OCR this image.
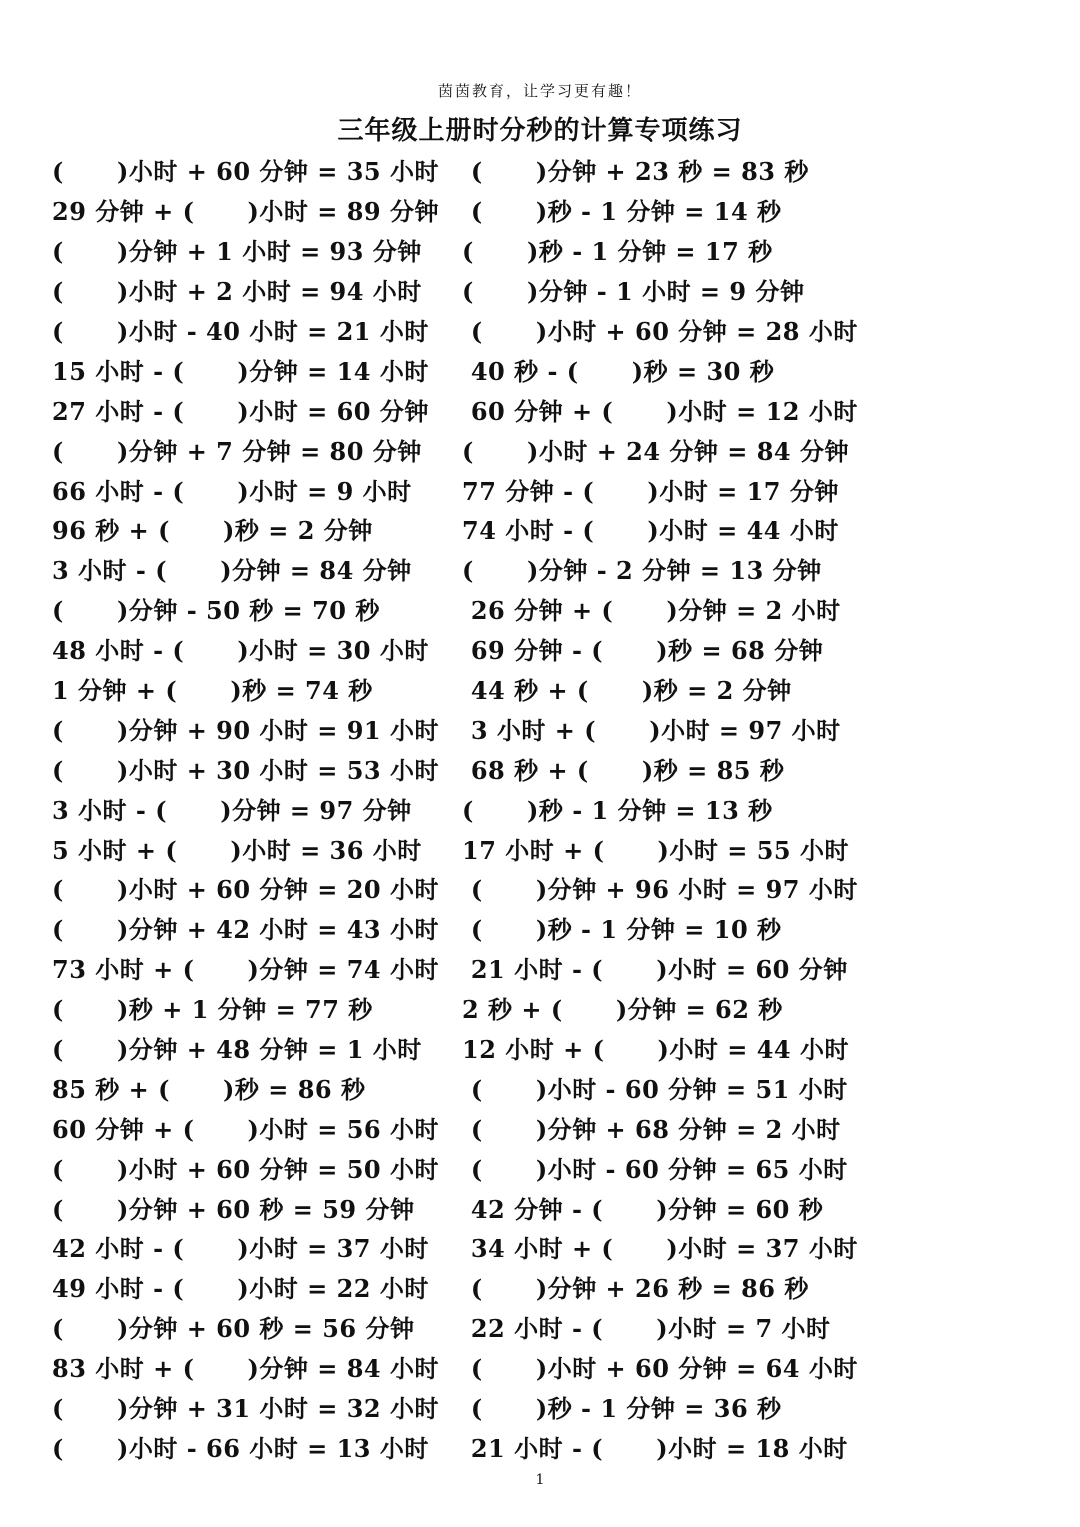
茵茵教育，让学习更有趣！
三年级上册时分秒的计算专项练习
(      )小时 + 60 分钟 = 35 小时 (      )分钟 + 23 秒 = 83 秒
29 分钟 + (      )小时 = 89 分钟 (      )秒 - 1 分钟 = 14 秒
(      )分钟 + 1 小时 = 93 分钟	(      )秒 - 1 分钟 = 17 秒
(      )小时 + 2 小时 = 94 小时	(      )分钟 - 1 小时 = 9 分钟
(      )小时 - 40 小时 = 21 小时	(      )小时 + 60 分钟 = 28 小时
15 小时 - (      )分钟 = 14 小时	40 秒 - (      )秒 = 30 秒
27 小时 - (      )小时 = 60 分钟	60 分钟 + (      )小时 = 12 小时
(      )分钟 + 7 分钟 = 80 分钟	(      )小时 + 24 分钟 = 84 分钟
66 小时 - (      )小时 = 9 小时	77 分钟 - (      )小时 = 17 分钟
96 秒 + (      )秒 = 2 分钟	74 小时 - (      )小时 = 44 小时
3 小时 - (      )分钟 = 84 分钟	(      )分钟 - 2 分钟 = 13 分钟
(      )分钟 - 50 秒 = 70 秒	26 分钟 + (      )分钟 = 2 小时
48 小时 - (      )小时 = 30 小时	69 分钟 - (      )秒 = 68 分钟
1 分钟 + (      )秒 = 74 秒	44 秒 + (      )秒 = 2 分钟
(      )分钟 + 90 小时 = 91 小时 3 小时 + (      )小时 = 97 小时
(      )小时 + 30 小时 = 53 小时 68 秒 + (      )秒 = 85 秒
3 小时 - (      )分钟 = 97 分钟	(      )秒 - 1 分钟 = 13 秒
5 小时 + (      )小时 = 36 小时	17 小时 + (      )小时 = 55 小时
(      )小时 + 60 分钟 = 20 小时 (      )分钟 + 96 小时 = 97 小时
(      )分钟 + 42 小时 = 43 小时 (      )秒 - 1 分钟 = 10 秒
73 小时 + (      )分钟 = 74 小时 21 小时 - (      )小时 = 60 分钟
(      )秒 + 1 分钟 = 77 秒	2 秒 + (      )分钟 = 62 秒
(      )分钟 + 48 分钟 = 1 小时	12 小时 + (      )小时 = 44 小时
85 秒 + (      )秒 = 86 秒	(      )小时 - 60 分钟 = 51 小时
60 分钟 + (      )小时 = 56 小时 (      )分钟 + 68 分钟 = 2 小时
(      )小时 + 60 分钟 = 50 小时 (      )小时 - 60 分钟 = 65 小时
(      )分钟 + 60 秒 = 59 分钟	42 分钟 - (      )分钟 = 60 秒
42 小时 - (      )小时 = 37 小时	34 小时 + (      )小时 = 37 小时
49 小时 - (      )小时 = 22 小时	(      )分钟 + 26 秒 = 86 秒
(      )分钟 + 60 秒 = 56 分钟	22 小时 - (      )小时 = 7 小时
83 小时 + (      )分钟 = 84 小时 (      )小时 + 60 分钟 = 64 小时
(      )分钟 + 31 小时 = 32 小时 (      )秒 - 1 分钟 = 36 秒
(      )小时 - 66 小时 = 13 小时	21 小时 - (      )小时 = 18 小时
1
